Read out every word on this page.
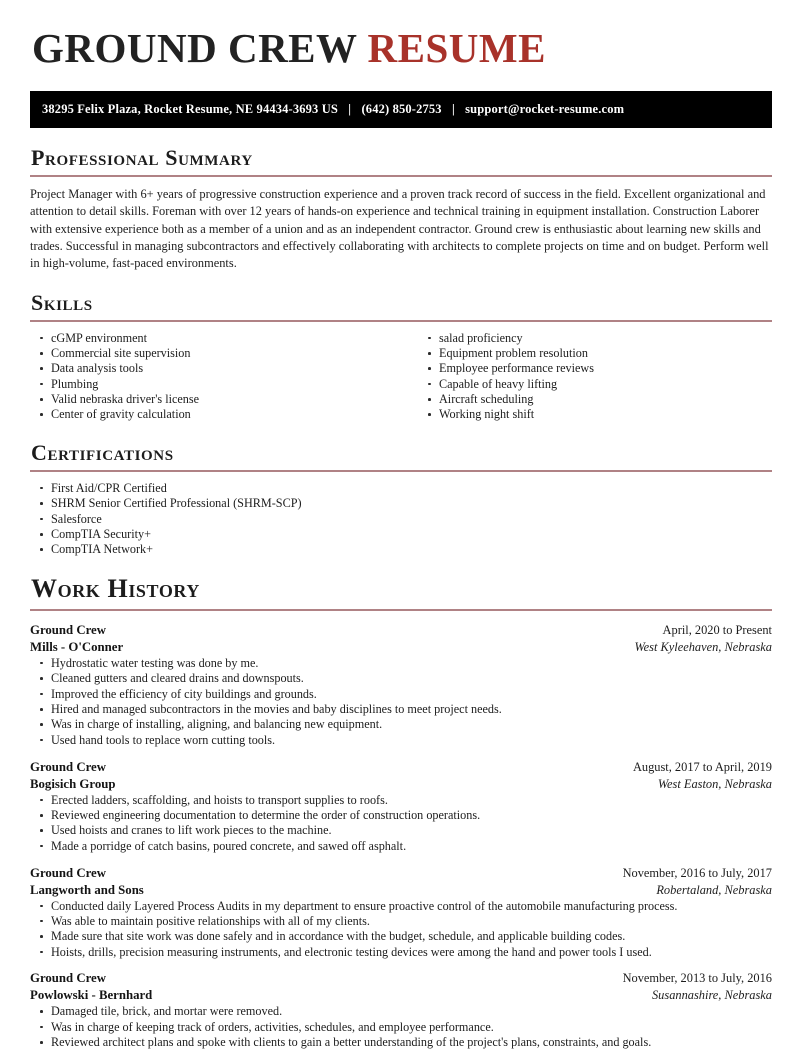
GROUND CREW RESUME
38295 Felix Plaza, Rocket Resume, NE 94434-3693 US | (642) 850-2753 | support@rocket-resume.com
Professional Summary

Project Manager with 6+ years of progressive construction experience and a proven track record of success in the field. Excellent organizational and attention to detail skills. Foreman with over 12 years of hands-on experience and technical training in equipment installation. Construction Laborer with extensive experience both as a member of a union and as an independent contractor. Ground crew is enthusiastic about learning new skills and trades. Successful in managing subcontractors and effectively collaborating with architects to complete projects on time and on budget. Perform well in high-volume, fast-paced environments.

Skills
cGMP environment
Commercial site supervision
Data analysis tools
Plumbing
Valid nebraska driver's license
Center of gravity calculation
salad proficiency
Equipment problem resolution
Employee performance reviews
Capable of heavy lifting
Aircraft scheduling
Working night shift
Certifications
First Aid/CPR Certified
SHRM Senior Certified Professional (SHRM-SCP)
Salesforce
CompTIA Security+
CompTIA Network+
Work History
Ground Crew	April, 2020 to Present
Mills - O'Conner	West Kyleehaven, Nebraska
Hydrostatic water testing was done by me.
Cleaned gutters and cleared drains and downspouts.
Improved the efficiency of city buildings and grounds.
Hired and managed subcontractors in the movies and baby disciplines to meet project needs.
Was in charge of installing, aligning, and balancing new equipment.
Used hand tools to replace worn cutting tools.
Ground Crew	August, 2017 to April, 2019
Bogisich Group	West Easton, Nebraska
Erected ladders, scaffolding, and hoists to transport supplies to roofs.
Reviewed engineering documentation to determine the order of construction operations.
Used hoists and cranes to lift work pieces to the machine.
Made a porridge of catch basins, poured concrete, and sawed off asphalt.
Ground Crew	November, 2016 to July, 2017
Langworth and Sons	Robertaland, Nebraska
Conducted daily Layered Process Audits in my department to ensure proactive control of the automobile manufacturing process.
Was able to maintain positive relationships with all of my clients.
Made sure that site work was done safely and in accordance with the budget, schedule, and applicable building codes.
Hoists, drills, precision measuring instruments, and electronic testing devices were among the hand and power tools I used.
Ground Crew	November, 2013 to July, 2016
Powlowski - Bernhard	Susannashire, Nebraska
Damaged tile, brick, and mortar were removed.
Was in charge of keeping track of orders, activities, schedules, and employee performance.
Reviewed architect plans and spoke with clients to gain a better understanding of the project's plans, constraints, and goals.
